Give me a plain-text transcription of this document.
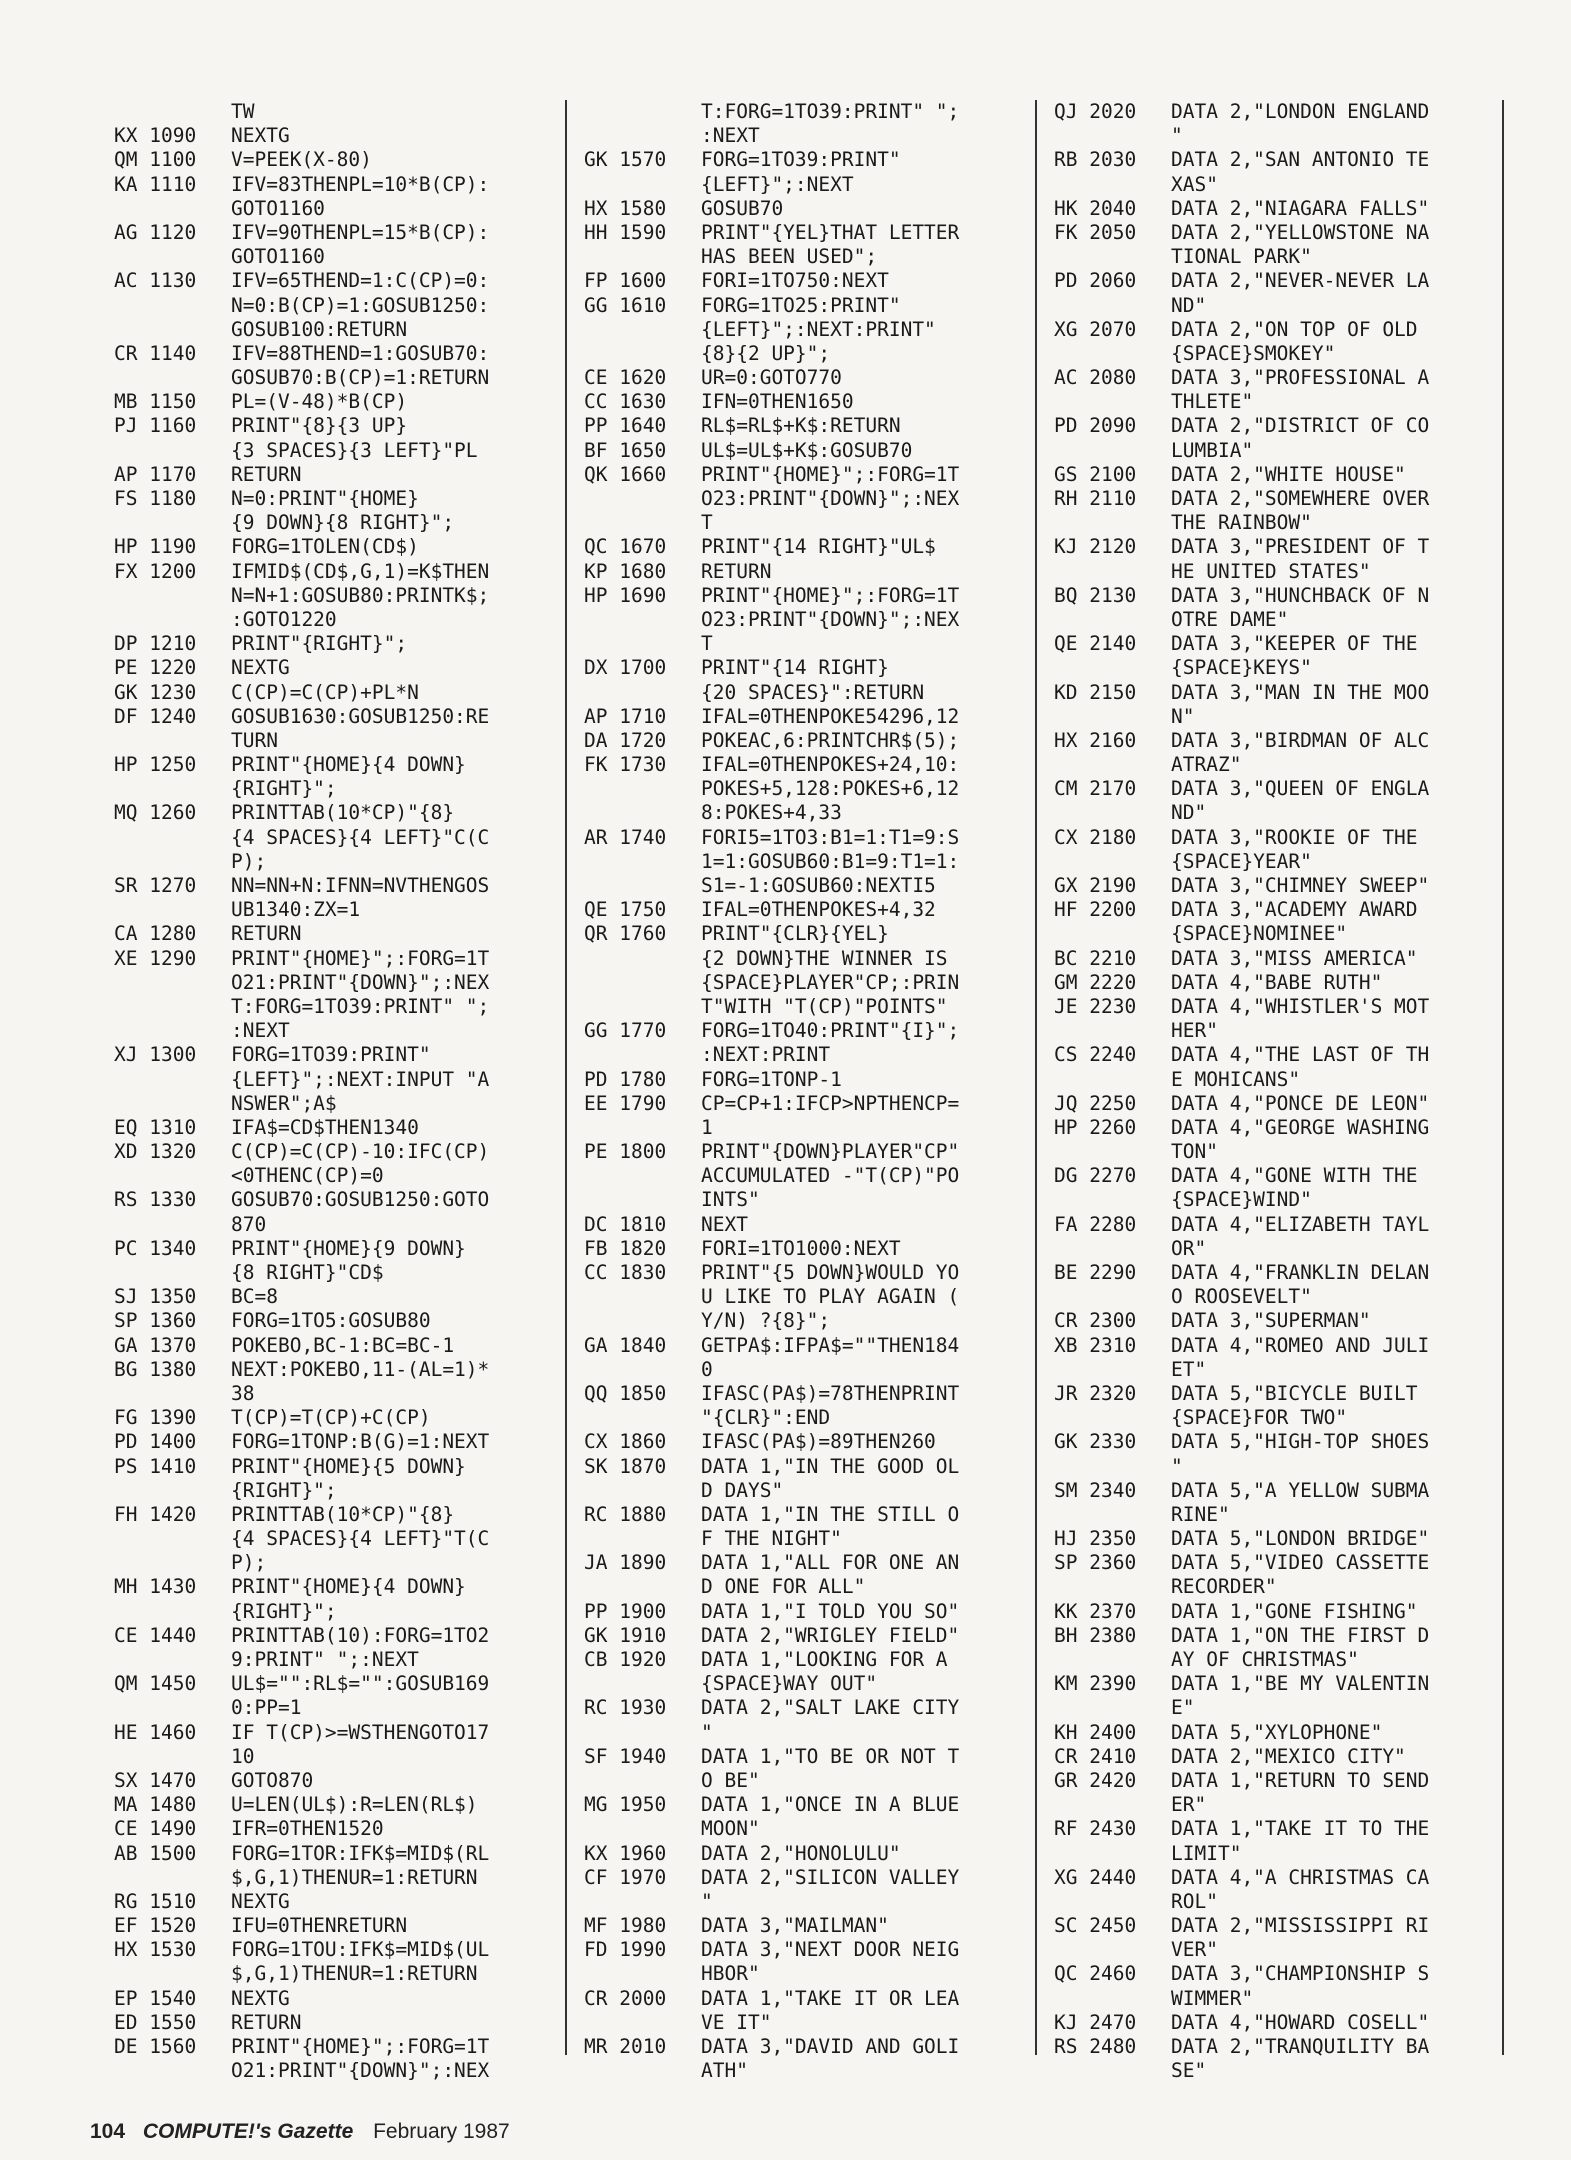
TW
KX 1090 NEXTG
QM 1100 V=PEEK(X-80)
KA 1110 IFV=83THENPL=10*B(CP):
GOTO1160
AG 1120 IFV=90THENPL=15*B(CP):
GOTO1160
AC 1130 IFV=65THEND=1:C(CP)=0:
N=0:B(CP)=1:GOSUB1250:
GOSUB100:RETURN
CR 1140 IFV=88THEND=1:GOSUB70:
GOSUB70:B(CP)=1:RETURN
MB 1150 PL=(V-48)*B(CP)
PJ 1160 PRINT"{8}{3 UP}
{3 SPACES}{3 LEFT}"PL
AP 1170 RETURN
FS 1180 N=0:PRINT"{HOME}
{9 DOWN}{8 RIGHT}";
HP 1190 FORG=1TOLEN(CD$)
FX 1200 IFMID$(CD$,G,1)=K$THEN
N=N+1:GOSUB80:PRINTK$;
:GOTO1220
DP 1210 PRINT"{RIGHT}";
PE 1220 NEXTG
GK 1230 C(CP)=C(CP)+PL*N
DF 1240 GOSUB1630:GOSUB1250:RE
TURN
HP 1250 PRINT"{HOME}{4 DOWN}
{RIGHT}";
MQ 1260 PRINTTAB(10*CP)"{8}
{4 SPACES}{4 LEFT}"C(C
P);
SR 1270 NN=NN+N:IFNN=NVTHENGOS
UB1340:ZX=1
CA 1280 RETURN
XE 1290 PRINT"{HOME}";:FORG=1T
O21:PRINT"{DOWN}";:NEX
T:FORG=1TO39:PRINT" ";
:NEXT
XJ 1300 FORG=1TO39:PRINT"
{LEFT}";:NEXT:INPUT "A
NSWER";A$
EQ 1310 IFA$=CD$THEN1340
XD 1320 C(CP)=C(CP)-10:IFC(CP)
<0THENC(CP)=0
RS 1330 GOSUB70:GOSUB1250:GOTO
870
PC 1340 PRINT"{HOME}{9 DOWN}
{8 RIGHT}"CD$
SJ 1350 BC=8
SP 1360 FORG=1TO5:GOSUB80
GA 1370 POKEBO,BC-1:BC=BC-1
BG 1380 NEXT:POKEBO,11-(AL=1)*
38
FG 1390 T(CP)=T(CP)+C(CP)
PD 1400 FORG=1TONP:B(G)=1:NEXT
PS 1410 PRINT"{HOME}{5 DOWN}
{RIGHT}";
FH 1420 PRINTTAB(10*CP)"{8}
{4 SPACES}{4 LEFT}"T(C
P);
MH 1430 PRINT"{HOME}{4 DOWN}
{RIGHT}";
CE 1440 PRINTTAB(10):FORG=1TO2
9:PRINT" ";:NEXT
QM 1450 UL$="":RL$="":GOSUB169
0:PP=1
HE 1460 IF T(CP)>=WSTHENGOTO17
10
SX 1470 GOTO870
MA 1480 U=LEN(UL$):R=LEN(RL$)
CE 1490 IFR=0THEN1520
AB 1500 FORG=1TOR:IFK$=MID$(RL
$,G,1)THENUR=1:RETURN
RG 1510 NEXTG
EF 1520 IFU=0THENRETURN
HX 1530 FORG=1TOU:IFK$=MID$(UL
$,G,1)THENUR=1:RETURN
EP 1540 NEXTG
ED 1550 RETURN
DE 1560 PRINT"{HOME}";:FORG=1T
O21:PRINT"{DOWN}";:NEX
T:FORG=1TO39:PRINT" ";
:NEXT
GK 1570 FORG=1TO39:PRINT"
{LEFT}";:NEXT
HX 1580 GOSUB70
HH 1590 PRINT"{YEL}THAT LETTER
HAS BEEN USED";
FP 1600 FORI=1TO750:NEXT
GG 1610 FORG=1TO25:PRINT"
{LEFT}";:NEXT:PRINT"
{8}{2 UP}";
CE 1620 UR=0:GOTO770
CC 1630 IFN=0THEN1650
PP 1640 RL$=RL$+K$:RETURN
BF 1650 UL$=UL$+K$:GOSUB70
QK 1660 PRINT"{HOME}";:FORG=1T
O23:PRINT"{DOWN}";:NEX
T
QC 1670 PRINT"{14 RIGHT}"UL$
KP 1680 RETURN
HP 1690 PRINT"{HOME}";:FORG=1T
O23:PRINT"{DOWN}";:NEX
T
DX 1700 PRINT"{14 RIGHT}
{20 SPACES}":RETURN
AP 1710 IFAL=0THENPOKE54296,12
DA 1720 POKEAC,6:PRINTCHR$(5);
FK 1730 IFAL=0THENPOKES+24,10:
POKES+5,128:POKES+6,12
8:POKES+4,33
AR 1740 FORI5=1TO3:B1=1:T1=9:S
1=1:GOSUB60:B1=9:T1=1:
S1=-1:GOSUB60:NEXTI5
QE 1750 IFAL=0THENPOKES+4,32
QR 1760 PRINT"{CLR}{YEL}
{2 DOWN}THE WINNER IS
{SPACE}PLAYER"CP;:PRIN
T"WITH "T(CP)"POINTS"
GG 1770 FORG=1TO40:PRINT"{I}";
:NEXT:PRINT
PD 1780 FORG=1TONP-1
EE 1790 CP=CP+1:IFCP>NPTHENCP=
1
PE 1800 PRINT"{DOWN}PLAYER"CP"
ACCUMULATED -"T(CP)"PO
INTS"
DC 1810 NEXT
FB 1820 FORI=1TO1000:NEXT
CC 1830 PRINT"{5 DOWN}WOULD YO
U LIKE TO PLAY AGAIN (
Y/N) ?{8}";
GA 1840 GETPA$:IFPA$=""THEN184
0
QQ 1850 IFASC(PA$)=78THENPRINT
"{CLR}":END
CX 1860 IFASC(PA$)=89THEN260
SK 1870 DATA 1,"IN THE GOOD OL
D DAYS"
RC 1880 DATA 1,"IN THE STILL O
F THE NIGHT"
JA 1890 DATA 1,"ALL FOR ONE AN
D ONE FOR ALL"
PP 1900 DATA 1,"I TOLD YOU SO"
GK 1910 DATA 2,"WRIGLEY FIELD"
CB 1920 DATA 1,"LOOKING FOR A
{SPACE}WAY OUT"
RC 1930 DATA 2,"SALT LAKE CITY
"
SF 1940 DATA 1,"TO BE OR NOT T
O BE"
MG 1950 DATA 1,"ONCE IN A BLUE
MOON"
KX 1960 DATA 2,"HONOLULU"
CF 1970 DATA 2,"SILICON VALLEY
"
MF 1980 DATA 3,"MAILMAN"
FD 1990 DATA 3,"NEXT DOOR NEIG
HBOR"
CR 2000 DATA 1,"TAKE IT OR LEA
VE IT"
MR 2010 DATA 3,"DAVID AND GOLI
ATH"
QJ 2020 DATA 2,"LONDON ENGLAND
"
RB 2030 DATA 2,"SAN ANTONIO TE
XAS"
HK 2040 DATA 2,"NIAGARA FALLS"
FK 2050 DATA 2,"YELLOWSTONE NA
TIONAL PARK"
PD 2060 DATA 2,"NEVER-NEVER LA
ND"
XG 2070 DATA 2,"ON TOP OF OLD
{SPACE}SMOKEY"
AC 2080 DATA 3,"PROFESSIONAL A
THLETE"
PD 2090 DATA 2,"DISTRICT OF CO
LUMBIA"
GS 2100 DATA 2,"WHITE HOUSE"
RH 2110 DATA 2,"SOMEWHERE OVER
THE RAINBOW"
KJ 2120 DATA 3,"PRESIDENT OF T
HE UNITED STATES"
BQ 2130 DATA 3,"HUNCHBACK OF N
OTRE DAME"
QE 2140 DATA 3,"KEEPER OF THE
{SPACE}KEYS"
KD 2150 DATA 3,"MAN IN THE MOO
N"
HX 2160 DATA 3,"BIRDMAN OF ALC
ATRAZ"
CM 2170 DATA 3,"QUEEN OF ENGLA
ND"
CX 2180 DATA 3,"ROOKIE OF THE
{SPACE}YEAR"
GX 2190 DATA 3,"CHIMNEY SWEEP"
HF 2200 DATA 3,"ACADEMY AWARD
{SPACE}NOMINEE"
BC 2210 DATA 3,"MISS AMERICA"
GM 2220 DATA 4,"BABE RUTH"
JE 2230 DATA 4,"WHISTLER'S MOT
HER"
CS 2240 DATA 4,"THE LAST OF TH
E MOHICANS"
JQ 2250 DATA 4,"PONCE DE LEON"
HP 2260 DATA 4,"GEORGE WASHING
TON"
DG 2270 DATA 4,"GONE WITH THE
{SPACE}WIND"
FA 2280 DATA 4,"ELIZABETH TAYL
OR"
BE 2290 DATA 4,"FRANKLIN DELAN
O ROOSEVELT"
CR 2300 DATA 3,"SUPERMAN"
XB 2310 DATA 4,"ROMEO AND JULI
ET"
JR 2320 DATA 5,"BICYCLE BUILT
{SPACE}FOR TWO"
GK 2330 DATA 5,"HIGH-TOP SHOES
"
SM 2340 DATA 5,"A YELLOW SUBMA
RINE"
HJ 2350 DATA 5,"LONDON BRIDGE"
SP 2360 DATA 5,"VIDEO CASSETTE
RECORDER"
KK 2370 DATA 1,"GONE FISHING"
BH 2380 DATA 1,"ON THE FIRST D
AY OF CHRISTMAS"
KM 2390 DATA 1,"BE MY VALENTIN
E"
KH 2400 DATA 5,"XYLOPHONE"
CR 2410 DATA 2,"MEXICO CITY"
GR 2420 DATA 1,"RETURN TO SEND
ER"
RF 2430 DATA 1,"TAKE IT TO THE
LIMIT"
XG 2440 DATA 4,"A CHRISTMAS CA
ROL"
SC 2450 DATA 2,"MISSISSIPPI RI
VER"
QC 2460 DATA 3,"CHAMPIONSHIP S
WIMMER"
KJ 2470 DATA 4,"HOWARD COSELL"
RS 2480 DATA 2,"TRANQUILITY BA
SE"
104 COMPUTE!'s Gazette February 1987
